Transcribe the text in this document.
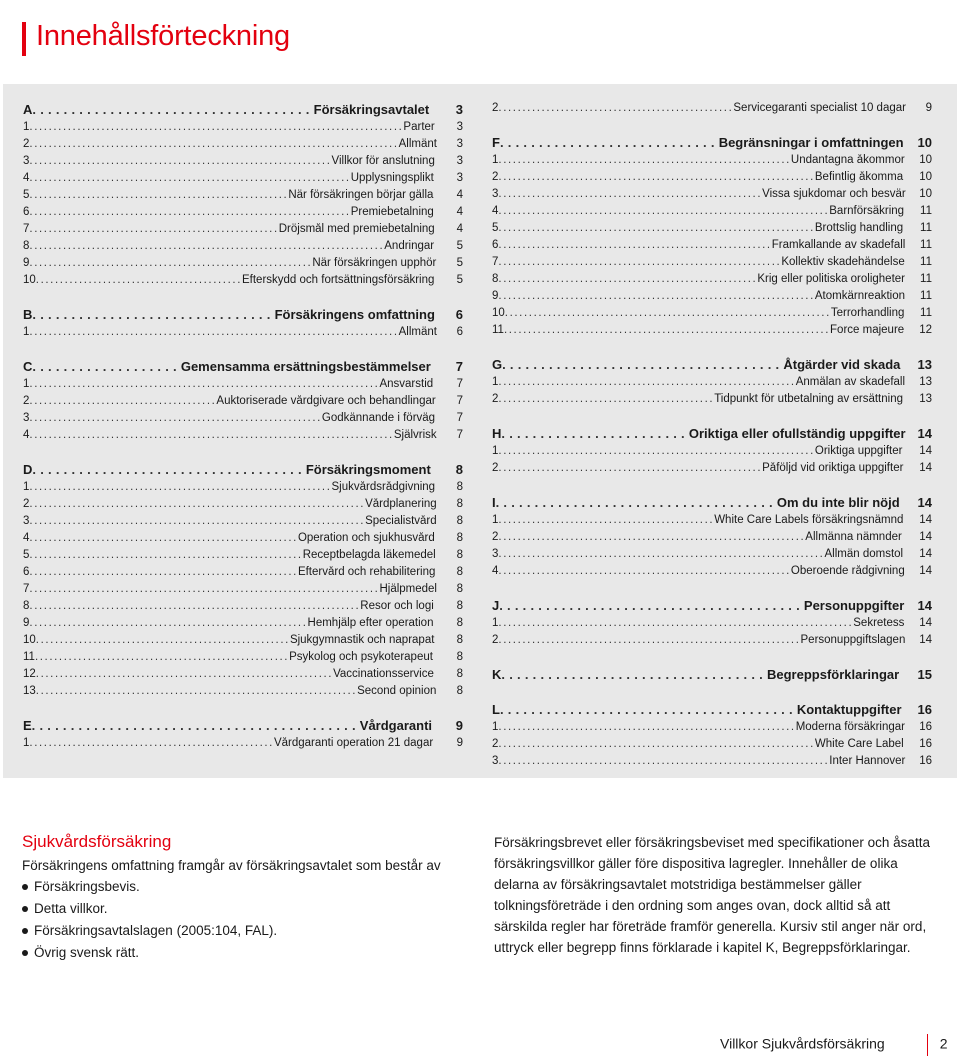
Innehållsförteckning
A....................................Försäkringsavtalet	3
1..............................................................................Parter	3
2.............................................................................Allmänt	3
3...............................................................Villkor för anslutning	3
4...................................................................Upplysningsplikt	3
5......................................................När försäkringen börjar gälla	4
6...................................................................Premiebetalning	4
7....................................................Dröjsmål med premiebetalning	4
8..........................................................................Ändringar	5
9...........................................................När försäkringen upphör	5
10...........................................Efterskydd och fortsättningsförsäkring	5
B...............................Försäkringens omfattning	6
1.............................................................................Allmänt	6
C...................Gemensamma ersättningsbestämmelser	7
1.........................................................................Ansvarstid	7
2.......................................Auktoriserade vårdgivare och behandlingar	7
3.............................................................Godkännande i förväg	7
4............................................................................Självrisk	7
D...................................Försäkringsmoment	8
1...............................................................Sjukvårdsrådgivning	8
2......................................................................Vårdplanering	8
3......................................................................Specialistvård	8
4........................................................Operation och sjukhusvård	8
5.........................................................Receptbelagda läkemedel	8
6........................................................Eftervård och rehabilitering	8
7.........................................................................Hjälpmedel	8
8.....................................................................Resor och logi	8
9..........................................................Hemhjälp efter operation	8
10.....................................................Sjukgymnastik och naprapat	8
11.....................................................Psykolog och psykoterapeut	8
12..............................................................Vaccinationsservice	8
13...................................................................Second opinion	8
E..........................................Vårdgaranti	9
1...................................................Vårdgaranti operation 21 dagar	9
2.................................................Servicegaranti specialist 10 dagar	9
F............................Begränsningar i omfattningen	10
1.............................................................Undantagna åkommor	10
2..................................................................Befintlig åkomma	10
3.......................................................Vissa sjukdomar och besvär	10
4.....................................................................Barnförsäkring	11
5..................................................................Brottslig handling	11
6.........................................................Framkallande av skadefall	11
7...........................................................Kollektiv skadehändelse	11
8......................................................Krig eller politiska oroligheter	11
9..................................................................Atomkärnreaktion	11
10....................................................................Terrorhandling	11
11....................................................................Force majeure	12
G....................................Åtgärder vid skada	13
1..............................................................Anmälan av skadefall	13
2.............................................Tidpunkt för utbetalning av ersättning	13
H........................Oriktiga eller ofullständig uppgifter 14
1..................................................................Oriktiga uppgifter	14
2.......................................................Påföljd vid oriktiga uppgifter	14
I....................................Om du inte blir nöjd	14
1.............................................White Care Labels försäkringsnämnd	14
2................................................................Allmänna nämnder	14
3....................................................................Allmän domstol	14
4.............................................................Oberoende rådgivning	14
J.......................................Personuppgifter	14
1..........................................................................Sekretess	14
2...............................................................Personuppgiftslagen	14
K..................................Begreppsförklaringar	15
L......................................Kontaktuppgifter	16
1..............................................................Moderna försäkringar	16
2..................................................................White Care Label	16
3.....................................................................Inter Hannover	16
Sjukvårdsförsäkring
Försäkringens omfattning framgår av försäkringsavtalet som består av
Försäkringsbevis.
Detta villkor.
Försäkringsavtalslagen (2005:104, FAL).
Övrig svensk rätt.
Försäkringsbrevet eller försäkringsbeviset med specifikationer och åsatta försäkringsvillkor gäller före dispositiva lagregler. Innehåller de olika delarna av försäkringsavtalet motstridiga bestämmelser gäller tolkningsföreträde i den ordning som anges ovan, dock alltid så att särskilda regler har företräde framför generella. Kursiv stil anger när ord, uttryck eller begrepp finns förklarade i kapitel K, Begreppsförklaringar.
Villkor Sjukvårdsförsäkring	2
